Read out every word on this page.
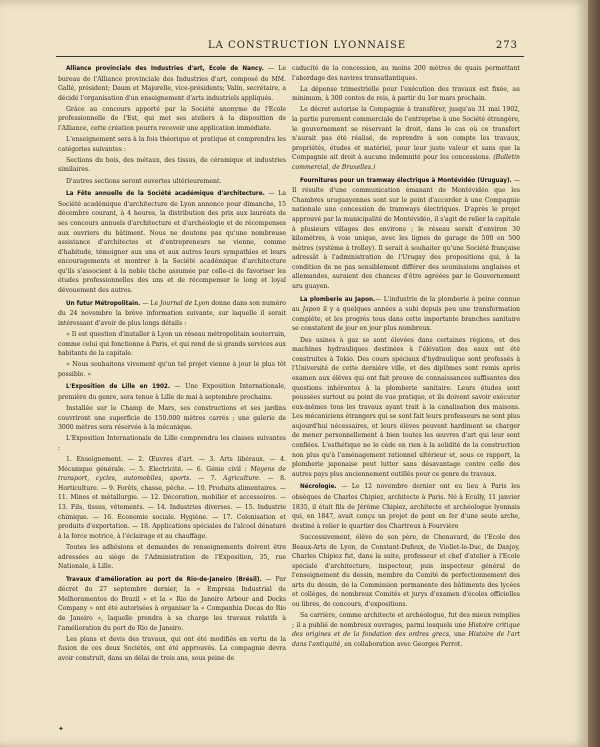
LA CONSTRUCTION LYONNAISE	273

Alliance provinciale des Industries d'art, Ecole de Nancy. — Le bureau de l'Alliance provinciale des Industries d'art, composé de MM. Gallé, président; Daum et Majorelle, vice-présidents; Valin, secrétaire, a décidé l'organisation d'un enseignement d'arts industriels appliqués.

Grâce au concours apporté par la Société anonyme de l'Ecole professionnelle de l'Est, qui met ses ateliers à la disposition de l'Alliance, cette création pourra recevoir une application immédiate.

L'enseignement sera à la fois théorique et pratique et comprendra les catégories suivantes :

Sections du bois, des métaux, des tissus, de céramique et industries similaires.

D'autres sections seront ouvertes ultérieurement.

La Fête annuelle de la Société académique d'architecture. — La Société académique d'architecture de Lyon annonce pour dimanche, 15 décembre courant, à 4 heures, la distribution des prix aux lauréats de ses concours annuels d'architecture et d'archéologie et de récompenses aux ouvriers du bâtiment. Nous ne doutons pas qu'une nombreuse assistance d'architectes et d'entrepreneurs ne vienne, comme d'habitude, témoigner aux uns et aux autres leurs sympathies et leurs encouragements et montrer à la Société académique d'architecture qu'ils s'associent à la noble tâche assumée par celle-ci de favoriser les études professionnelles des uns et de récompenser le long et loyal dévouement des autres.

Un futur Métropolitain. — Le Journal de Lyon donne dans son numéro du 24 novembre la brève information suivante, sur laquelle il serait intéressant d'avoir de plus longs détails :

« Il est question d'installer à Lyon un réseau métropolitain souterrain, comme celui qui fonctionne à Paris, et qui rend de si grands services aux habitants de la capitale.

« Nous souhaitons vivement qu'un tel projet vienne à jour le plus tôt possible. »

L'Exposition de Lille en 1902. — Une Exposition Internationale, première du genre, sera tenue à Lille de mai à septembre prochains.

Installée sur le Champ de Mars, ses constructions et ses jardins couvriront une superficie de 150.000 mètres carrés ; une galerie de 3000 mètres sera réservée à la mécanique.

L'Exposition Internationale de Lille comprendra les classes suivantes :

1. Enseignement. — 2. Œuvres d'art. — 3. Arts libéraux. — 4. Mécanique générale. — 5. Electricité. — 6. Génie civil : Moyens de transport, cycles, automobiles, sports. — 7. Agriculture. — 8. Horticulture. — 9. Forêts, chasse, pêche. — 10. Produits alimentaires. — 11. Mines et métallurgie. — 12. Décoration, mobilier et accessoires. — 13. Fils, tissus, vêtements. — 14. Industries diverses. — 15. Industrie chimique. — 16. Economie sociale. Hygiène. — 17. Colonisation et produits d'exportation. — 18. Applications spéciales de l'alcool dénaturé à la force motrice, à l'éclairage et au chauffage.

Toutes les adhésions et demandes de renseignements doivent être adressées au siège de l'Administration de l'Exposition, 35, rue Nationale, à Lille.

Travaux d'amélioration au port de Rio-de-Janeiro (Brésil). — Par décret du 27 septembre dernier, la « Empreza Industrial de Melhoramentos do Brazil » et la « Rio de Janeiro Arbour and Docks Company » ont été autorisées à organiser la « Companhia Docas do Rio de Janeiro », laquelle prendra à sa charge les travaux relatifs à l'amélioration du port de Rio de Janeiro.

Les plans et devis des travaux, qui ont été modifiés en vertu de la fusion de ces deux Sociétés, ont été approuvés. La compagnie devra avoir construit, dans un délai de trois ans, sous peine de

caducité de la concession, au moins 200 mètres de quais permettant l'abordage des navires transatlantiques.

La dépense trimestrielle pour l'exécution des travaux est fixée, au minimum, à 300 contos de reis, à partir du 1er mars prochain.

Le décret autorise la Compagnie à transférer, jusqu'au 31 mai 1902, la partie purement commerciale de l'entreprise à une Société étrangère, le gouvernement se réservant le droit, dans le cas où ce transfert n'aurait pas été réalisé, de reprendre à son compte les travaux, propriétés, études et matériel, pour leur juste valeur et sans que la Compagnie ait droit à aucune indemnité pour les concessions. (Bulletin commercial, de Bruxelles.)

Fournitures pour un tramway électrique à Montévidéo (Uruguay). — Il résulte d'une communication émanant de Montévidéo que les Chambres uruguayennes sont sur le point d'accorder à une Compagnie nationale une concession de tramways électriques. D'après le projet approuvé par la municipalité de Montévidéo, il s'agit de relier la capitale à plusieurs villages des environs ; le réseau serait d'environ 30 kilomètres, à voie unique, avec les lignes de garage de 500 en 500 mètres (système à trolley). Il serait à souhaiter qu'une Société française adressât à l'administration de l'Urugay des propositions qui, à la condition de ne pas sensiblement différer des soumissions anglaises et allemandes, auraient des chances d'être agréées par le Gouvernement uru guayen.

La plomberie au Japon.— L'industrie de la plomberie à peine connue au Japon il y a quelques années a subi depuis peu une transformation complète, et les progrès tous dans cette importante branches sanitaire se constatent de jour en jour plus nombreux.

Des usines à gaz se sont élevées dans certaines régions, et des machines hydrauliques destinées à l'élévation des eaux ont été construites à Tokio. Des cours spéciaux d'hydraulique sont professés à l'Université de cette dernière ville, et des diplômes sont remis après examen aux élèves qui ont fait preuve de connaissances suffisantes des questions inhérentes à la plomberie sanitaire. Leurs études sont poussées surtout au point de vue pratique, et ils doivent savoir exécuter eux-mêmes tous les travaux ayant trait à la canalisation des maisons. Les mécaniciens étrangers qui se sont fait leurs professeurs ne sont plus aujourd'hui nécessaires, et leurs élèves peuvent hardiment se charger de mener personnellement à bien toutes les œuvres d'art qui leur sont confiées. L'esthétique ne le cède en rien à la solidité de la construction non plus qu'à l'aménagement rationnel ultérieur et, sous ce rapport, la plomberie japonaise peut lutter sans désavantage contre celle des autres pays plus anciennement outillés pour ce genre de travaux.

Nécrologie. — Le 12 novembre dernier ont eu lieu à Paris les obsèques de Charles Chipiez, architecte à Paris. Né à Ecully, 11 janvier 1835, il était fils de Jérôme Chipiez, architecte et archéologue lyonnais qui, en 1847, avait conçu un projet de pont en fer d'une seule arche, destiné à relier le quartier des Chartreux à Fourvière

Successivement, élève de son père, de Chenavard, de l'Ecole des Beaux-Arts de Lyon, de Constant-Dufeux, de Viollet-le-Duc, de Danjoy, Charles Chipiez fut, dans la suite, professeur et chef d'atelier à l'Ecole spéciale d'architecture, inspecteur, puis inspecteur général de l'enseignement du dessin, membre du Comité de perfectionnement des arts du dessin, de la Commission permanente des bâtiments des lycées et collèges, de nombreux Comités et jurys d'examen d'écoles officielles ou libres, de concours, d'expositions.

Sa carrière, comme architecte et archéologue, fut des mieux remplies ; il a publié de nombreux ouvrages, parmi lesquels une Histoire critique des origines et de la fondation des ordres grecs, une Histoire de l'art dans l'antiquité, en collaboration avec Georges Perrot.

✦
